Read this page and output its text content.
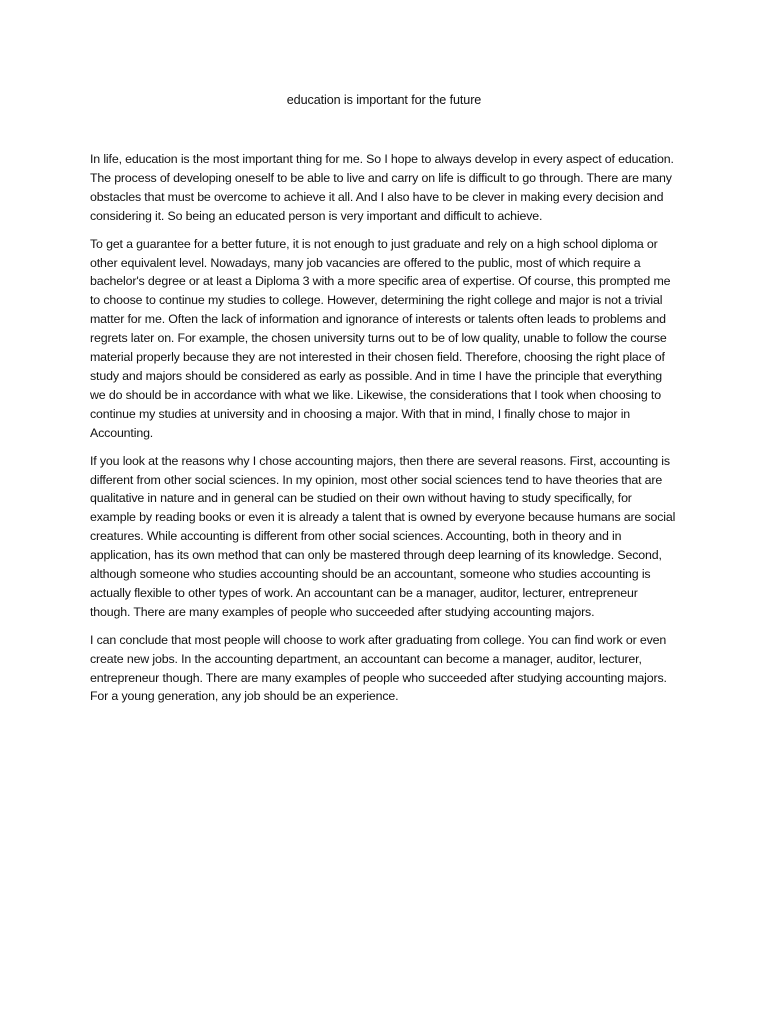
education is important for the future

In life, education is the most important thing for me. So I hope to always develop in every aspect of education. The process of developing oneself to be able to live and carry on life is difficult to go through. There are many obstacles that must be overcome to achieve it all. And I also have to be clever in making every decision and considering it. So being an educated person is very important and difficult to achieve.

To get a guarantee for a better future, it is not enough to just graduate and rely on a high school diploma or other equivalent level. Nowadays, many job vacancies are offered to the public, most of which require a bachelor's degree or at least a Diploma 3 with a more specific area of expertise. Of course, this prompted me to choose to continue my studies to college. However, determining the right college and major is not a trivial matter for me. Often the lack of information and ignorance of interests or talents often leads to problems and regrets later on. For example, the chosen university turns out to be of low quality, unable to follow the course material properly because they are not interested in their chosen field. Therefore, choosing the right place of study and majors should be considered as early as possible. And in time I have the principle that everything we do should be in accordance with what we like. Likewise, the considerations that I took when choosing to continue my studies at university and in choosing a major. With that in mind, I finally chose to major in Accounting.

If you look at the reasons why I chose accounting majors, then there are several reasons. First, accounting is different from other social sciences. In my opinion, most other social sciences tend to have theories that are qualitative in nature and in general can be studied on their own without having to study specifically, for example by reading books or even it is already a talent that is owned by everyone because humans are social creatures. While accounting is different from other social sciences. Accounting, both in theory and in application, has its own method that can only be mastered through deep learning of its knowledge. Second, although someone who studies accounting should be an accountant, someone who studies accounting is actually flexible to other types of work. An accountant can be a manager, auditor, lecturer, entrepreneur though. There are many examples of people who succeeded after studying accounting majors.

I can conclude that most people will choose to work after graduating from college. You can find work or even create new jobs. In the accounting department, an accountant can become a manager, auditor, lecturer, entrepreneur though. There are many examples of people who succeeded after studying accounting majors. For a young generation, any job should be an experience.
